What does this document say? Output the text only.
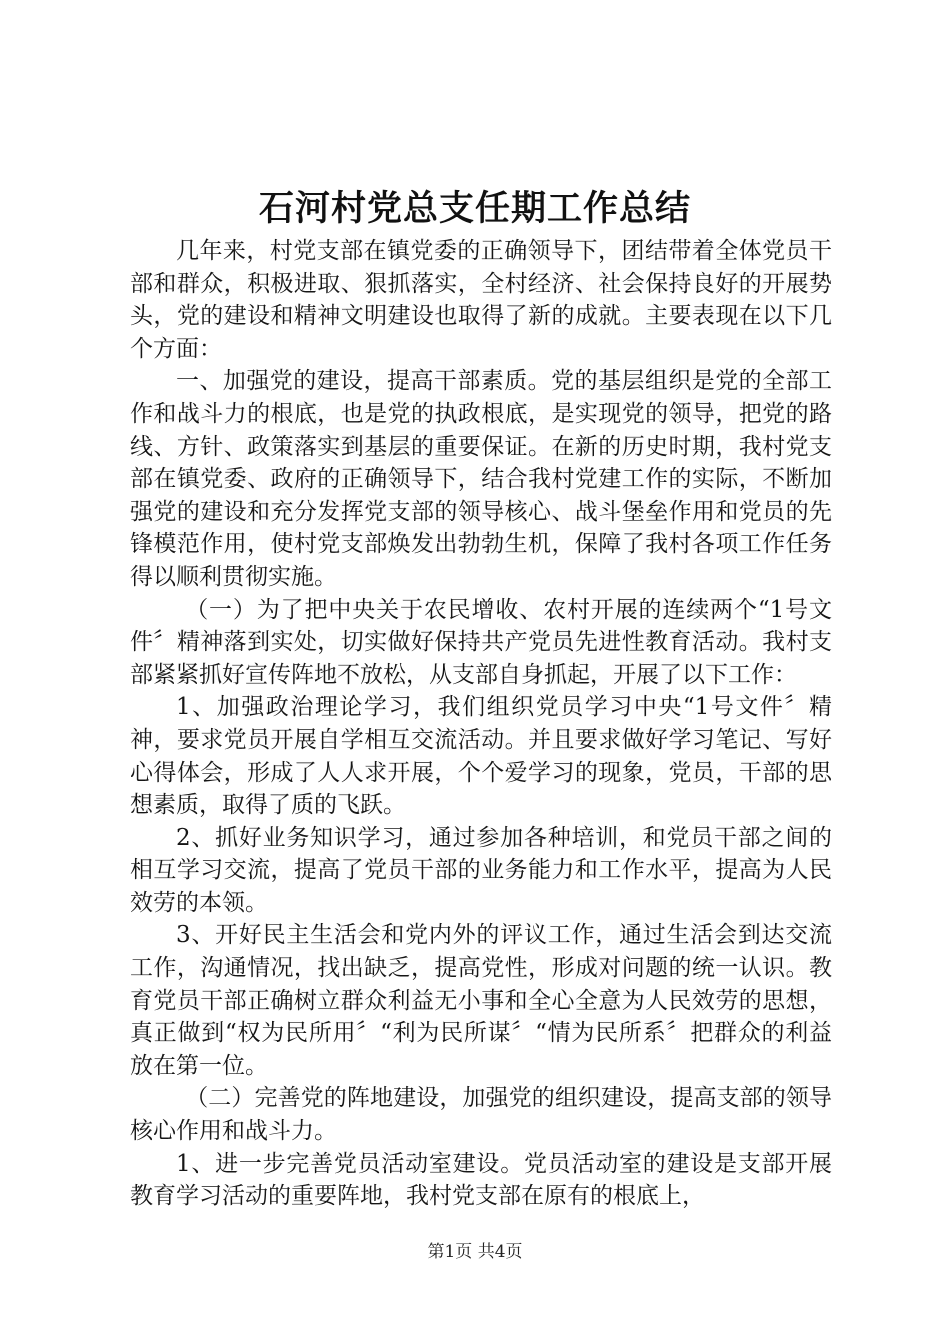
石河村党总支任期工作总结

几年来，村党支部在镇党委的正确领导下，团结带着全体党员干部和群众，积极进取、狠抓落实，全村经济、社会保持良好的开展势头，党的建设和精神文明建设也取得了新的成就。主要表现在以下几个方面：

一、加强党的建设，提高干部素质。党的基层组织是党的全部工作和战斗力的根底，也是党的执政根底，是实现党的领导，把党的路线、方针、政策落实到基层的重要保证。在新的历史时期，我村党支部在镇党委、政府的正确领导下，结合我村党建工作的实际，不断加强党的建设和充分发挥党支部的领导核心、战斗堡垒作用和党员的先锋模范作用，使村党支部焕发出勃勃生机，保障了我村各项工作任务得以顺利贯彻实施。

（一）为了把中央关于农民增收、农村开展的连续两个“1号文件〞精神落到实处，切实做好保持共产党员先进性教育活动。我村支部紧紧抓好宣传阵地不放松，从支部自身抓起，开展了以下工作：

1、加强政治理论学习，我们组织党员学习中央“1号文件〞精神，要求党员开展自学相互交流活动。并且要求做好学习笔记、写好心得体会，形成了人人求开展，个个爱学习的现象，党员，干部的思想素质，取得了质的飞跃。

2、抓好业务知识学习，通过参加各种培训，和党员干部之间的相互学习交流，提高了党员干部的业务能力和工作水平，提高为人民效劳的本领。

3、开好民主生活会和党内外的评议工作，通过生活会到达交流工作，沟通情况，找出缺乏，提高党性，形成对问题的统一认识。教育党员干部正确树立群众利益无小事和全心全意为人民效劳的思想，真正做到“权为民所用〞“利为民所谋〞“情为民所系〞把群众的利益放在第一位。

（二）完善党的阵地建设，加强党的组织建设，提高支部的领导核心作用和战斗力。

1、进一步完善党员活动室建设。党员活动室的建设是支部开展教育学习活动的重要阵地，我村党支部在原有的根底上，

第1页 共4页
